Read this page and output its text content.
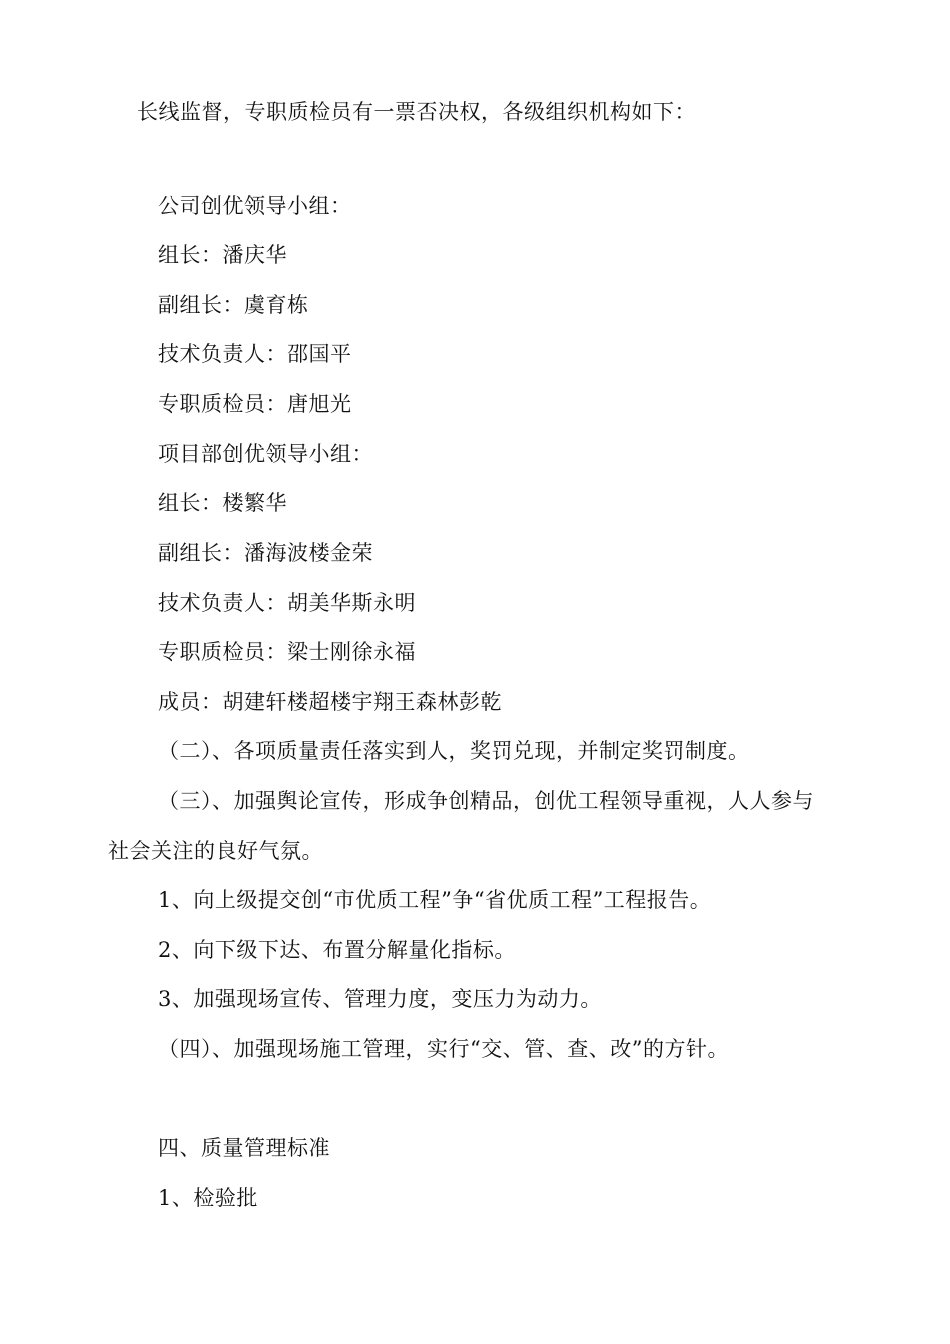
长线监督，专职质检员有一票否决权，各级组织机构如下：
公司创优领导小组：
组长：潘庆华
副组长：虞育栋
技术负责人：邵国平
专职质检员：唐旭光
项目部创优领导小组：
组长：楼繁华
副组长：潘海波楼金荣
技术负责人：胡美华斯永明
专职质检员：梁士刚徐永福
成员：胡建轩楼超楼宇翔王森林彭乾
（二）、各项质量责任落实到人，奖罚兑现，并制定奖罚制度。
（三）、加强舆论宣传，形成争创精品，创优工程领导重视，人人参与
社会关注的良好气氛。
1、向上级提交创“市优质工程”争“省优质工程”工程报告。
2、向下级下达、布置分解量化指标。
3、加强现场宣传、管理力度，变压力为动力。
（四）、加强现场施工管理，实行“交、管、查、改”的方针。
四、质量管理标准
1、检验批
